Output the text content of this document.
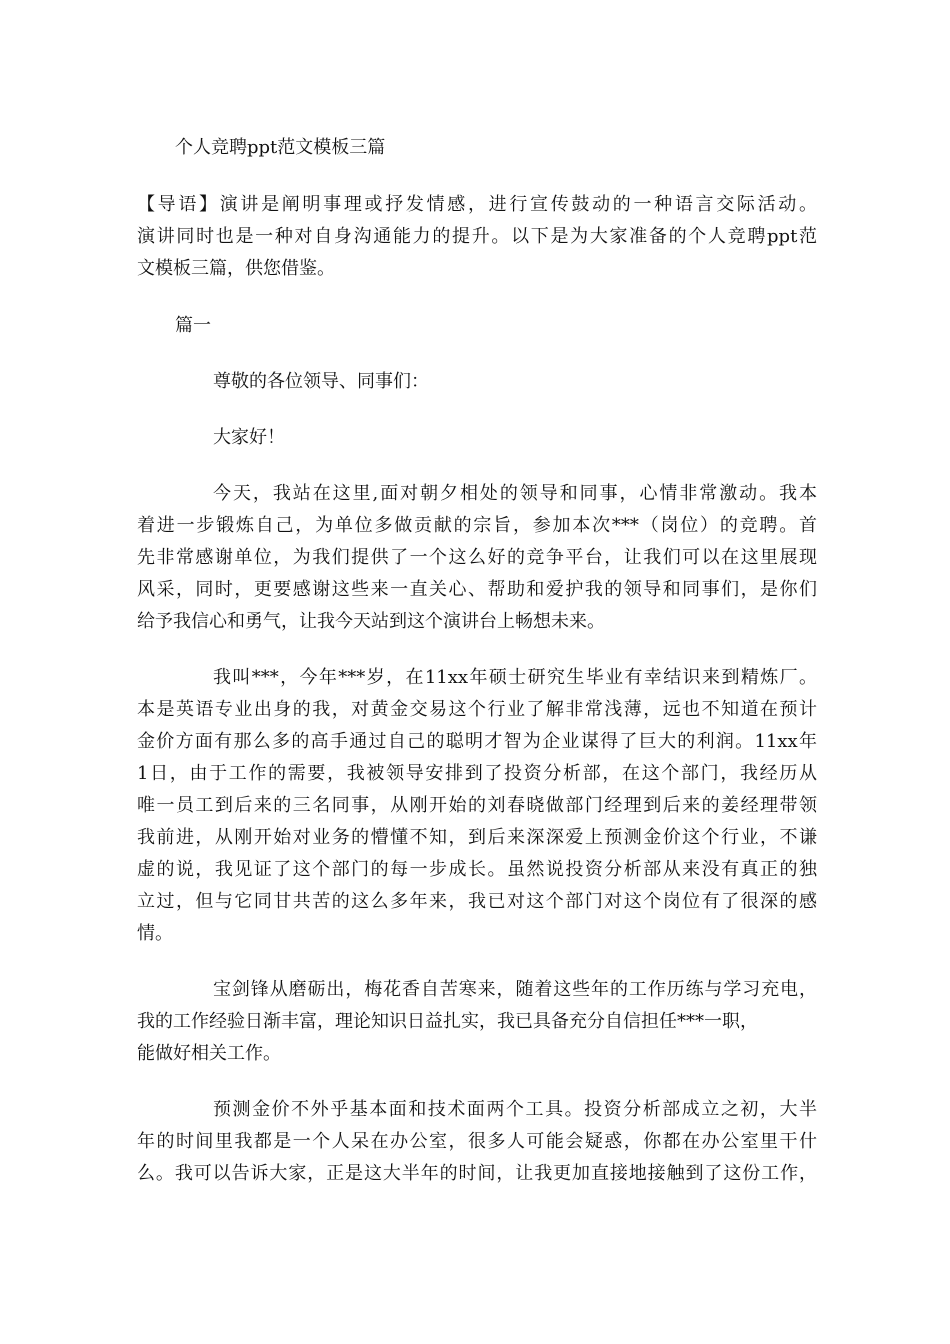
个人竞聘ppt范文模板三篇
【导语】演讲是阐明事理或抒发情感，进行宣传鼓动的一种语言交际活动。
演讲同时也是一种对自身沟通能力的提升。以下是为大家准备的个人竞聘ppt范
文模板三篇，供您借鉴。
篇一
尊敬的各位领导、同事们：
大家好！
今天，我站在这里,面对朝夕相处的领导和同事，心情非常激动。我本
着进一步锻炼自己，为单位多做贡献的宗旨，参加本次***（岗位）的竞聘。首
先非常感谢单位，为我们提供了一个这么好的竞争平台，让我们可以在这里展现
风采，同时，更要感谢这些来一直关心、帮助和爱护我的领导和同事们，是你们
给予我信心和勇气，让我今天站到这个演讲台上畅想未来。
我叫***，今年***岁，在11xx年硕士研究生毕业有幸结识来到精炼厂。
本是英语专业出身的我，对黄金交易这个行业了解非常浅薄，远也不知道在预计
金价方面有那么多的高手通过自己的聪明才智为企业谋得了巨大的利润。11xx年
1日，由于工作的需要，我被领导安排到了投资分析部，在这个部门，我经历从
唯一员工到后来的三名同事，从刚开始的刘春晓做部门经理到后来的姜经理带领
我前进，从刚开始对业务的懵懂不知，到后来深深爱上预测金价这个行业，不谦
虚的说，我见证了这个部门的每一步成长。虽然说投资分析部从来没有真正的独
立过，但与它同甘共苦的这么多年来，我已对这个部门对这个岗位有了很深的感
情。
宝剑锋从磨砺出，梅花香自苦寒来，随着这些年的工作历练与学习充电，
我的工作经验日渐丰富，理论知识日益扎实，我已具备充分自信担任***一职，
能做好相关工作。
预测金价不外乎基本面和技术面两个工具。投资分析部成立之初，大半
年的时间里我都是一个人呆在办公室，很多人可能会疑惑，你都在办公室里干什
么。我可以告诉大家，正是这大半年的时间，让我更加直接地接触到了这份工作，
